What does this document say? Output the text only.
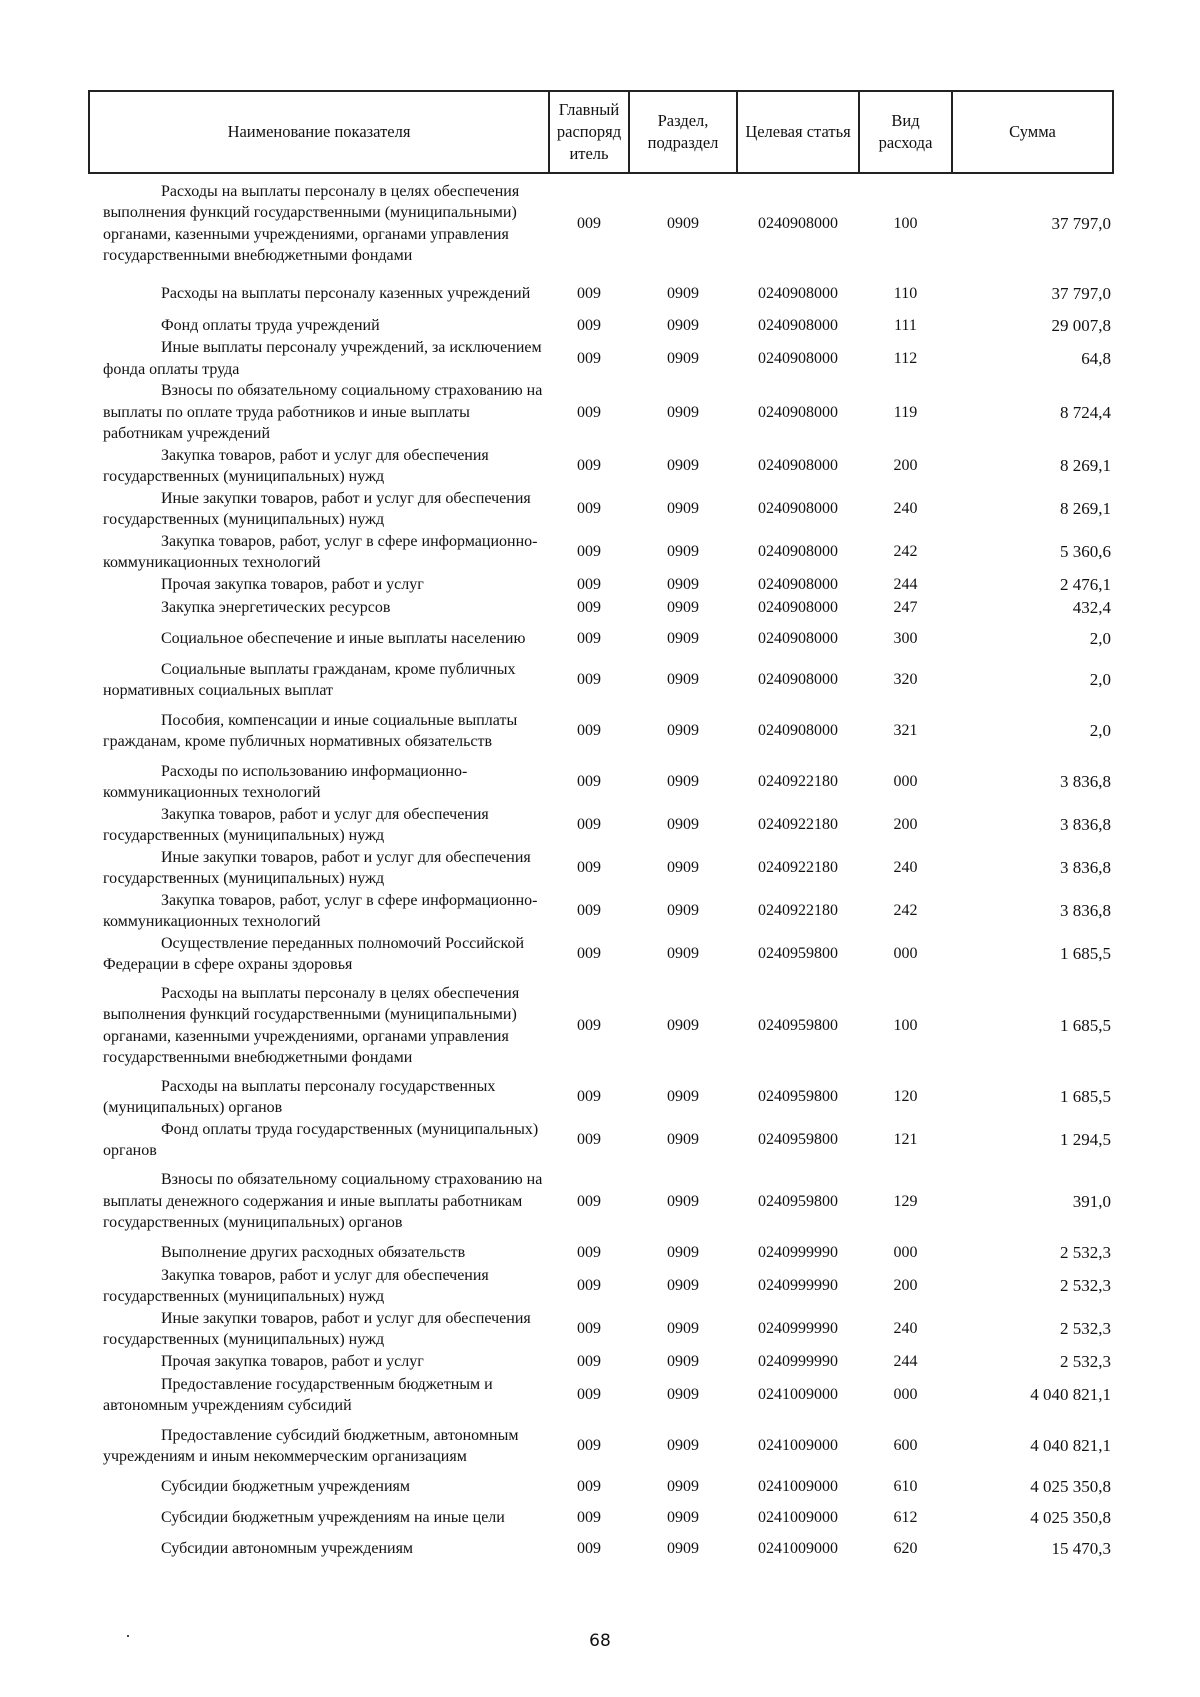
Наименование показателя	Главный распорядитель	Раздел, подраздел	Целевая статья	Вид расхода	Сумма
Расходы на выплаты персоналу в целях обеспечения выполнения функций государственными (муниципальными) органами, казенными учреждениями, органами управления государственными внебюджетными фондами	009	0909	0240908000	100	37 797,0
Расходы на выплаты персоналу казенных учреждений	009	0909	0240908000	110	37 797,0
Фонд оплаты труда учреждений	009	0909	0240908000	111	29 007,8
Иные выплаты персоналу учреждений, за исключением фонда оплаты труда	009	0909	0240908000	112	64,8
Взносы по обязательному социальному страхованию на выплаты по оплате труда работников и иные выплаты работникам учреждений	009	0909	0240908000	119	8 724,4
Закупка товаров, работ и услуг для обеспечения государственных (муниципальных) нужд	009	0909	0240908000	200	8 269,1
Иные закупки товаров, работ и услуг для обеспечения государственных (муниципальных) нужд	009	0909	0240908000	240	8 269,1
Закупка товаров, работ, услуг в сфере информационно-коммуникационных технологий	009	0909	0240908000	242	5 360,6
Прочая закупка товаров, работ и услуг	009	0909	0240908000	244	2 476,1
Закупка энергетических ресурсов	009	0909	0240908000	247	432,4
Социальное обеспечение и иные выплаты населению	009	0909	0240908000	300	2,0
Социальные выплаты гражданам, кроме публичных нормативных социальных выплат	009	0909	0240908000	320	2,0
Пособия, компенсации и иные социальные выплаты гражданам, кроме публичных нормативных обязательств	009	0909	0240908000	321	2,0
Расходы по использованию информационно-коммуникационных технологий	009	0909	0240922180	000	3 836,8
Закупка товаров, работ и услуг для обеспечения государственных (муниципальных) нужд	009	0909	0240922180	200	3 836,8
Иные закупки товаров, работ и услуг для обеспечения государственных (муниципальных) нужд	009	0909	0240922180	240	3 836,8
Закупка товаров, работ, услуг в сфере информационно-коммуникационных технологий	009	0909	0240922180	242	3 836,8
Осуществление переданных полномочий Российской Федерации в сфере охраны здоровья	009	0909	0240959800	000	1 685,5
Расходы на выплаты персоналу в целях обеспечения выполнения функций государственными (муниципальными) органами, казенными учреждениями, органами управления государственными внебюджетными фондами	009	0909	0240959800	100	1 685,5
Расходы на выплаты персоналу государственных (муниципальных) органов	009	0909	0240959800	120	1 685,5
Фонд оплаты труда государственных (муниципальных) органов	009	0909	0240959800	121	1 294,5
Взносы по обязательному социальному страхованию на выплаты денежного содержания и иные выплаты работникам государственных (муниципальных) органов	009	0909	0240959800	129	391,0
Выполнение других расходных обязательств	009	0909	0240999990	000	2 532,3
Закупка товаров, работ и услуг для обеспечения государственных (муниципальных) нужд	009	0909	0240999990	200	2 532,3
Иные закупки товаров, работ и услуг для обеспечения государственных (муниципальных) нужд	009	0909	0240999990	240	2 532,3
Прочая закупка товаров, работ и услуг	009	0909	0240999990	244	2 532,3
Предоставление государственным бюджетным и автономным учреждениям субсидий	009	0909	0241009000	000	4 040 821,1
Предоставление субсидий бюджетным, автономным учреждениям и иным некоммерческим организациям	009	0909	0241009000	600	4 040 821,1
Субсидии бюджетным учреждениям	009	0909	0241009000	610	4 025 350,8
Субсидии бюджетным учреждениям на иные цели	009	0909	0241009000	612	4 025 350,8
Субсидии автономным учреждениям	009	0909	0241009000	620	15 470,3
68
